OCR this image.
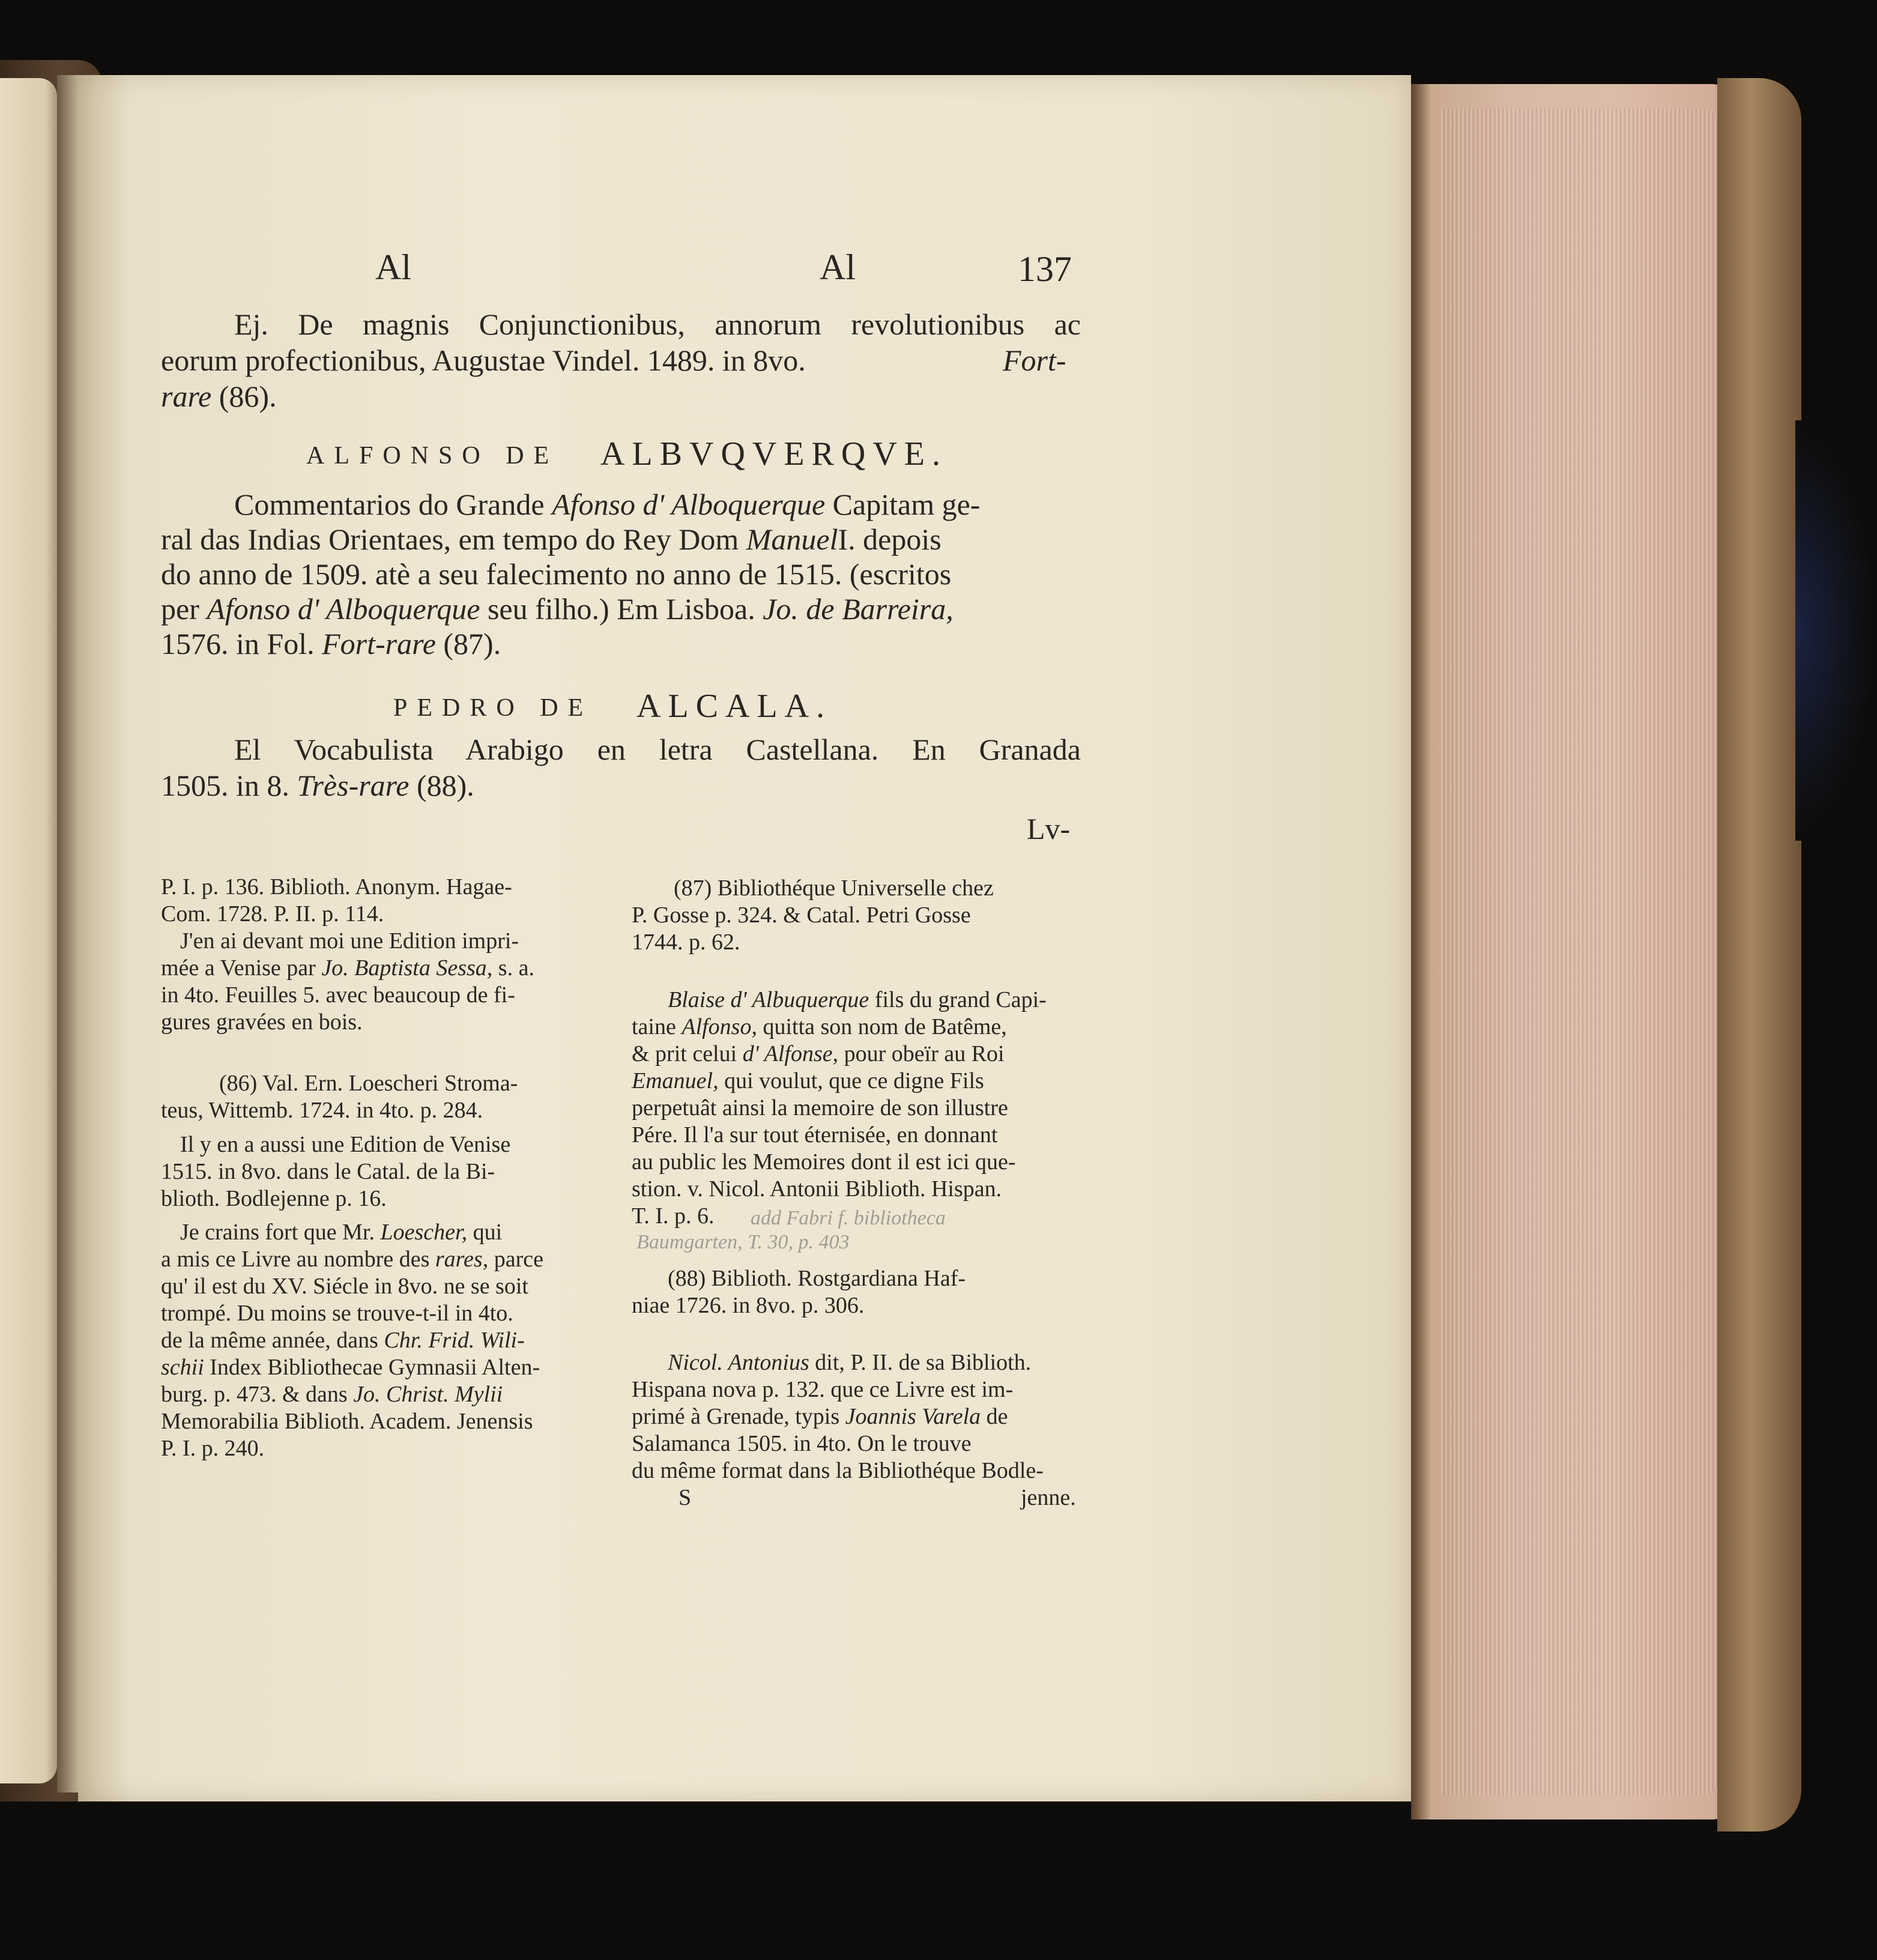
Al	Al	137
Ej. De magnis Conjunctionibus, annorum revolutionibus ac
eorum profectionibus, Augustae Vindel. 1489. in 8vo.	Fort-
rare (86).
ALFONSO DE ALBVQVERQVE.
Commentarios do Grande Afonso d' Alboquerque Capitam ge-
ral das Indias Orientaes, em tempo do Rey Dom ManuelI. depois
do anno de 1509. atè a seu falecimento no anno de 1515. (escritos
per Afonso d' Alboquerque seu filho.) Em Lisboa. Jo. de Barreira,
1576. in Fol. Fort-rare (87).
PEDRO DE ALCALA.
El Vocabulista Arabigo en letra Castellana. En Granada
1505. in 8. Très-rare (88).
Lv-
P. I. p. 136. Biblioth. Anonym. Hagae-
Com. 1728. P. II. p. 114.
J'en ai devant moi une Edition impri-
mée a Venise par Jo. Baptista Sessa, s. a.
in 4to. Feuilles 5. avec beaucoup de fi-
gures gravées en bois.
(86) Val. Ern. Loescheri Stroma-
teus, Wittemb. 1724. in 4to. p. 284.
Il y en a aussi une Edition de Venise
1515. in 8vo. dans le Catal. de la Bi-
blioth. Bodlejenne p. 16.
Je crains fort que Mr. Loescher, qui
a mis ce Livre au nombre des rares, parce
qu' il est du XV. Siécle in 8vo. ne se soit
trompé. Du moins se trouve-t-il in 4to.
de la même année, dans Chr. Frid. Wili-
schii Index Bibliothecae Gymnasii Alten-
burg. p. 473. & dans Jo. Christ. Mylii
Memorabilia Biblioth. Academ. Jenensis
P. I. p. 240.
(87) Bibliothéque Universelle chez
P. Gosse p. 324. & Catal. Petri Gosse
1744. p. 62.
Blaise d' Albuquerque fils du grand Capi-
taine Alfonso, quitta son nom de Batême,
& prit celui d' Alfonse, pour obeïr au Roi
Emanuel, qui voulut, que ce digne Fils
perpetuât ainsi la memoire de son illustre
Pére. Il l'a sur tout éternisée, en donnant
au public les Memoires dont il est ici que-
stion. v. Nicol. Antonii Biblioth. Hispan.
T. I. p. 6. add Fabri f. bibliotheca
Baumgarten, T. 30, p. 403
(88) Biblioth. Rostgardiana Haf-
niae 1726. in 8vo. p. 306.
Nicol. Antonius dit, P. II. de sa Biblioth.
Hispana nova p. 132. que ce Livre est im-
primé à Grenade, typis Joannis Varela de
Salamanca 1505. in 4to. On le trouve
du même format dans la Bibliothéque Bodle-
S	jenne.
